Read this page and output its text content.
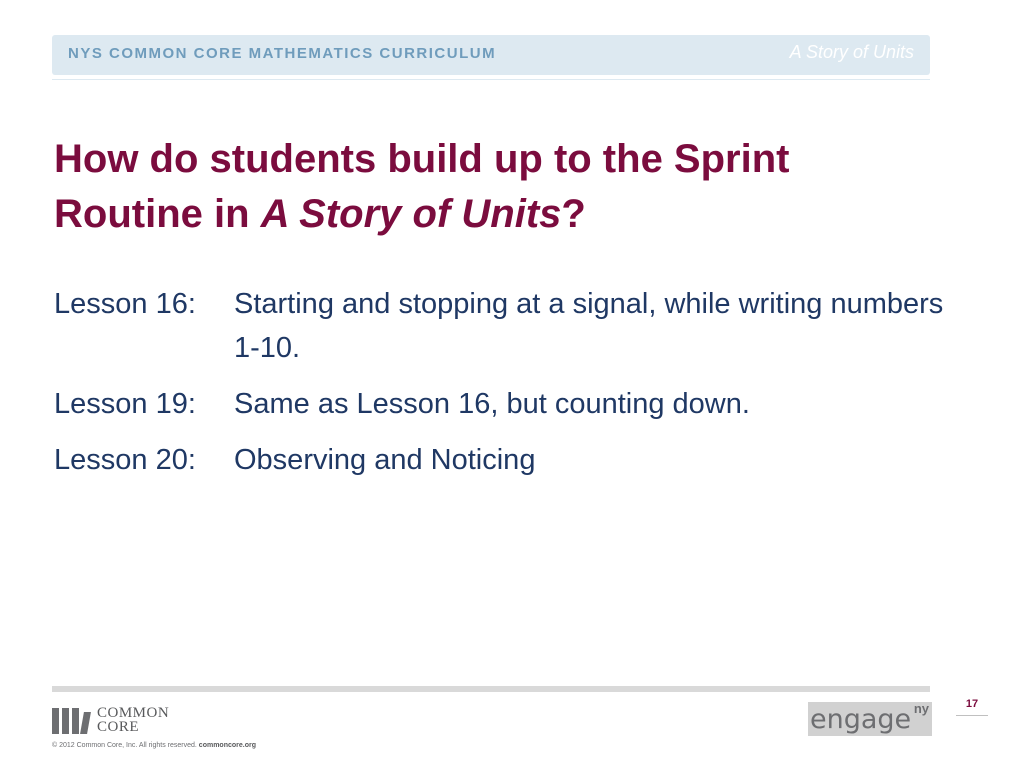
NYS COMMON CORE MATHEMATICS CURRICULUM	A Story of Units
How do students build up to the Sprint Routine in A Story of Units?
Lesson 16:	Starting and stopping at a signal, while writing numbers 1-10.
Lesson 19:	Same as Lesson 16, but counting down.
Lesson 20:	Observing and Noticing
COMMON
CORE
© 2012 Common Core, Inc. All rights reserved. commoncore.org
engage ny	17
